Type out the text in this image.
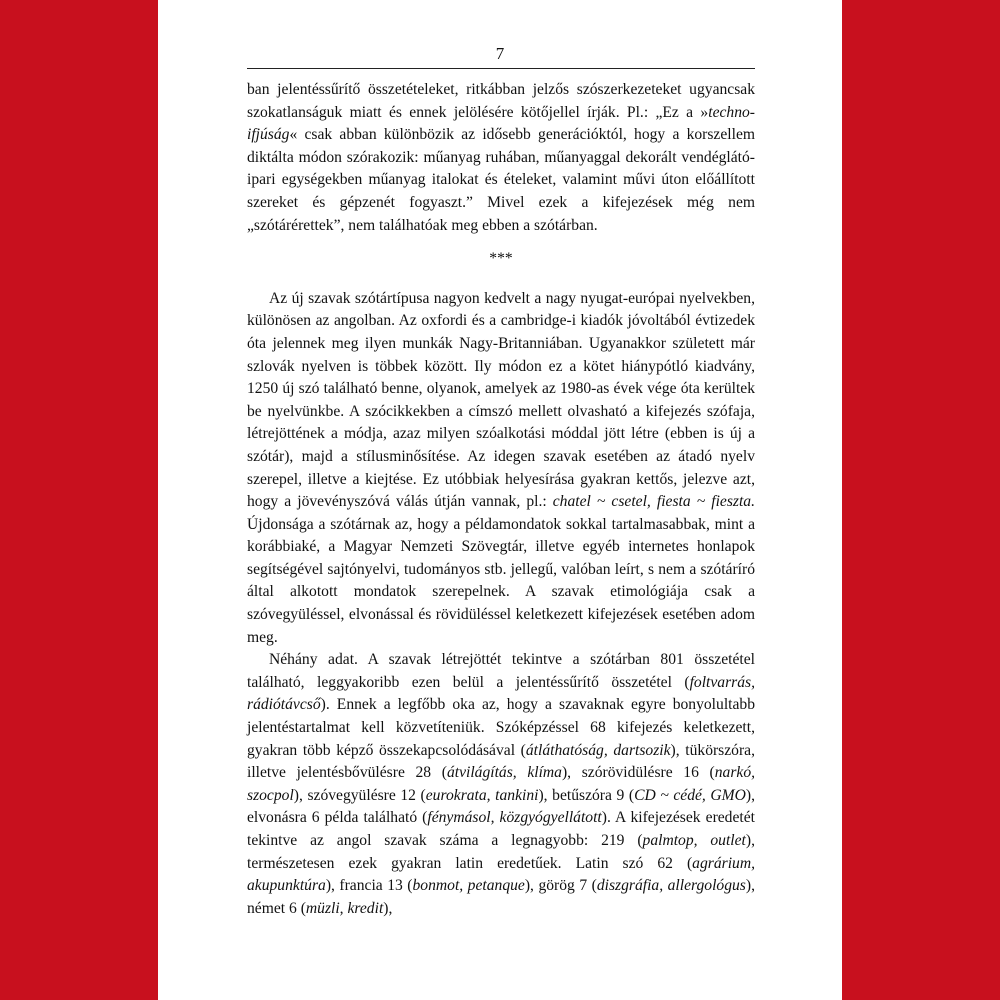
7

ban jelentéssűrítő összetételeket, ritkábban jelzős szószerkezeteket ugyancsak szokatlanságuk miatt és ennek jelölésére kötőjellel írják. Pl.: „Ez a »techno-ifjúság« csak abban különbözik az idősebb generációktól, hogy a korszellem diktálta módon szórakozik: műanyag ruhában, műanyaggal dekorált vendéglátó-ipari egységekben műanyag italokat és ételeket, valamint művi úton előállított szereket és gépzenét fogyaszt.” Mivel ezek a kifejezések még nem „szótárérettek”, nem találhatóak meg ebben a szótárban.

***

Az új szavak szótártípusa nagyon kedvelt a nagy nyugat-európai nyelvekben, különösen az angolban. Az oxfordi és a cambridge-i kiadók jóvoltából évtizedek óta jelennek meg ilyen munkák Nagy-Britanniában. Ugyanakkor született már szlovák nyelven is többek között. Ily módon ez a kötet hiánypótló kiadvány, 1250 új szó található benne, olyanok, amelyek az 1980-as évek vége óta kerültek be nyelvünkbe. A szócikkekben a címszó mellett olvasható a kifejezés szófaja, létrejöttének a módja, azaz milyen szóalkotási móddal jött létre (ebben is új a szótár), majd a stílusminősítése. Az idegen szavak esetében az átadó nyelv szerepel, illetve a kiejtése. Ez utóbbiak helyesírása gyakran kettős, jelezve azt, hogy a jövevényszóvá válás útján vannak, pl.: chatel ~ csetel, fiesta ~ fieszta. Újdonsága a szótárnak az, hogy a példamondatok sokkal tartalmasabbak, mint a korábbiaké, a Magyar Nemzeti Szövegtár, illetve egyéb internetes honlapok segítségével sajtónyelvi, tudományos stb. jellegű, valóban leírt, s nem a szótáríró által alkotott mondatok szerepelnek. A szavak etimológiája csak a szóvegyüléssel, elvonással és rövidüléssel keletkezett kifejezések esetében adom meg.

Néhány adat. A szavak létrejöttét tekintve a szótárban 801 összetétel található, leggyakoribb ezen belül a jelentéssűrítő összetétel (foltvarrás, rádiótávcső). Ennek a legfőbb oka az, hogy a szavaknak egyre bonyolultabb jelentéstartalmat kell közvetíteniük. Szóképzéssel 68 kifejezés keletkezett, gyakran több képző összekapcsolódásával (átláthatóság, dartsozik), tükörszóra, illetve jelentésbővülésre 28 (átvilágítás, klíma), szórövidülésre 16 (narkó, szocpol), szóvegyülésre 12 (eurokrata, tankini), betűszóra 9 (CD ~ cédé, GMO), elvonásra 6 példa található (fénymásol, közgyógyellátott). A kifejezések eredetét tekintve az angol szavak száma a legnagyobb: 219 (palmtop, outlet), természetesen ezek gyakran latin eredetűek. Latin szó 62 (agrárium, akupunktúra), francia 13 (bonmot, petanque), görög 7 (diszgráfia, allergológus), német 6 (müzli, kredit),
